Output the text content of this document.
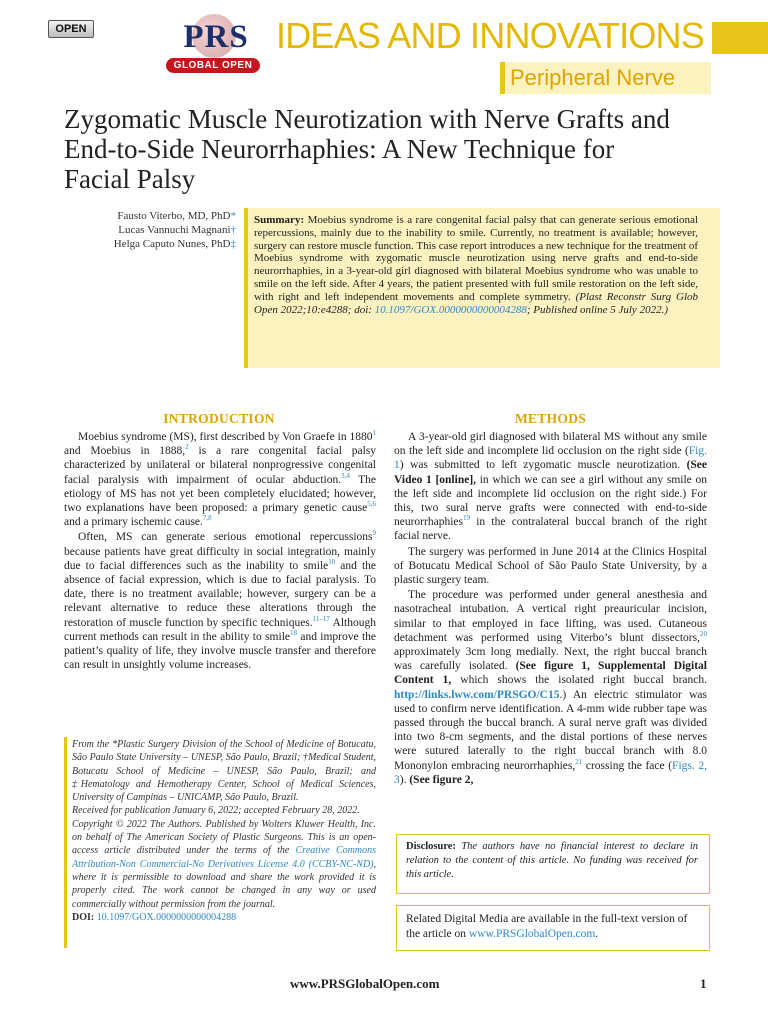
OPEN	PRS
GLOBAL OPEN
IDEAS AND INNOVATIONS
Peripheral Nerve
Zygomatic Muscle Neurotization with Nerve Grafts and End-to-Side Neurorrhaphies: A New Technique for Facial Palsy
Fausto Viterbo, MD, PhD*
Lucas Vannuchi Magnani†
Helga Caputo Nunes, PhD‡
Summary: Moebius syndrome is a rare congenital facial palsy that can generate serious emotional repercussions, mainly due to the inability to smile. Currently, no treatment is available; however, surgery can restore muscle function. This case report introduces a new technique for the treatment of Moebius syndrome with zygomatic muscle neurotization using nerve grafts and end-to-side neurorrhaphies, in a 3-year-old girl diagnosed with bilateral Moebius syndrome who was unable to smile on the left side. After 4 years, the patient presented with full smile restoration on the left side, with right and left independent movements and complete symmetry. (Plast Reconstr Surg Glob Open 2022;10:e4288; doi: 10.1097/GOX.0000000000004288; Published online 5 July 2022.)
INTRODUCTION	METHODS

Moebius syndrome (MS), first described by Von Graefe in 1880$^1$ and Moebius in 1888,$^2$ is a rare congenital facial palsy characterized by unilateral or bilateral nonprogressive congenital facial paralysis with impairment of ocular abduction.$^{3,4}$ The etiology of MS has not yet been completely elucidated; however, two explanations have been proposed: a primary genetic cause$^{5,6}$ and a primary ischemic cause.$^{7,8}$

Often, MS can generate serious emotional repercussions$^9$ because patients have great difficulty in social integration, mainly due to facial differences such as the inability to smile$^{10}$ and the absence of facial expression, which is due to facial paralysis. To date, there is no treatment available; however, surgery can be a relevant alternative to reduce these alterations through the restoration of muscle function by specific techniques.$^{11-17}$ Although current methods can result in the ability to smile$^{18}$ and improve the patient’s quality of life, they involve muscle transfer and therefore can result in unsightly volume increases.

A 3-year-old girl diagnosed with bilateral MS without any smile on the left side and incomplete lid occlusion on the right side (Fig. 1) was submitted to left zygomatic muscle neurotization. (See Video 1 [online], in which we can see a girl without any smile on the left side and incomplete lid occlusion on the right side.) For this, two sural nerve grafts were connected with end-to-side neurorrhaphies$^{19}$ in the contralateral buccal branch of the right facial nerve.

The surgery was performed in June 2014 at the Clinics Hospital of Botucatu Medical School of São Paulo State University, by a plastic surgery team.

The procedure was performed under general anesthesia and nasotracheal intubation. A vertical right preauricular incision, similar to that employed in face lifting, was used. Cutaneous detachment was performed using Viterbo’s blunt dissectors,$^{20}$ approximately 3cm long medially. Next, the right buccal branch was carefully isolated. (See figure 1, Supplemental Digital Content 1, which shows the isolated right buccal branch. http://links.lww.com/PRSGO/C15.) An electric stimulator was used to confirm nerve identification. A 4-mm wide rubber tape was passed through the buccal branch. A sural nerve graft was divided into two 8-cm segments, and the distal portions of these nerves were sutured laterally to the right buccal branch with 8.0 Mononylon embracing neurorrhaphies,$^{21}$ crossing the face (Figs. 2, 3). (See figure 2,

From the *Plastic Surgery Division of the School of Medicine of Botucatu, São Paulo State University – UNESP, São Paulo, Brazil; †Medical Student, Botucatu School of Medicine – UNESP, São Paulo, Brazil; and ‡Hematology and Hemotherapy Center, School of Medical Sciences, University of Campinas – UNICAMP, São Paulo, Brazil.

Received for publication January 6, 2022; accepted February 28, 2022.

Copyright © 2022 The Authors. Published by Wolters Kluwer Health, Inc. on behalf of The American Society of Plastic Surgeons. This is an open-access article distributed under the terms of the Creative Commons Attribution-Non Commercial-No Derivatives License 4.0 (CCBY-NC-ND), where it is permissible to download and share the work provided it is properly cited. The work cannot be changed in any way or used commercially without permission from the journal.

DOI: 10.1097/GOX.0000000000004288

Disclosure: The authors have no financial interest to declare in relation to the content of this article. No funding was received for this article.
Related Digital Media are available in the full-text version of the article on www.PRSGlobalOpen.com.
www.PRSGlobalOpen.com	1
